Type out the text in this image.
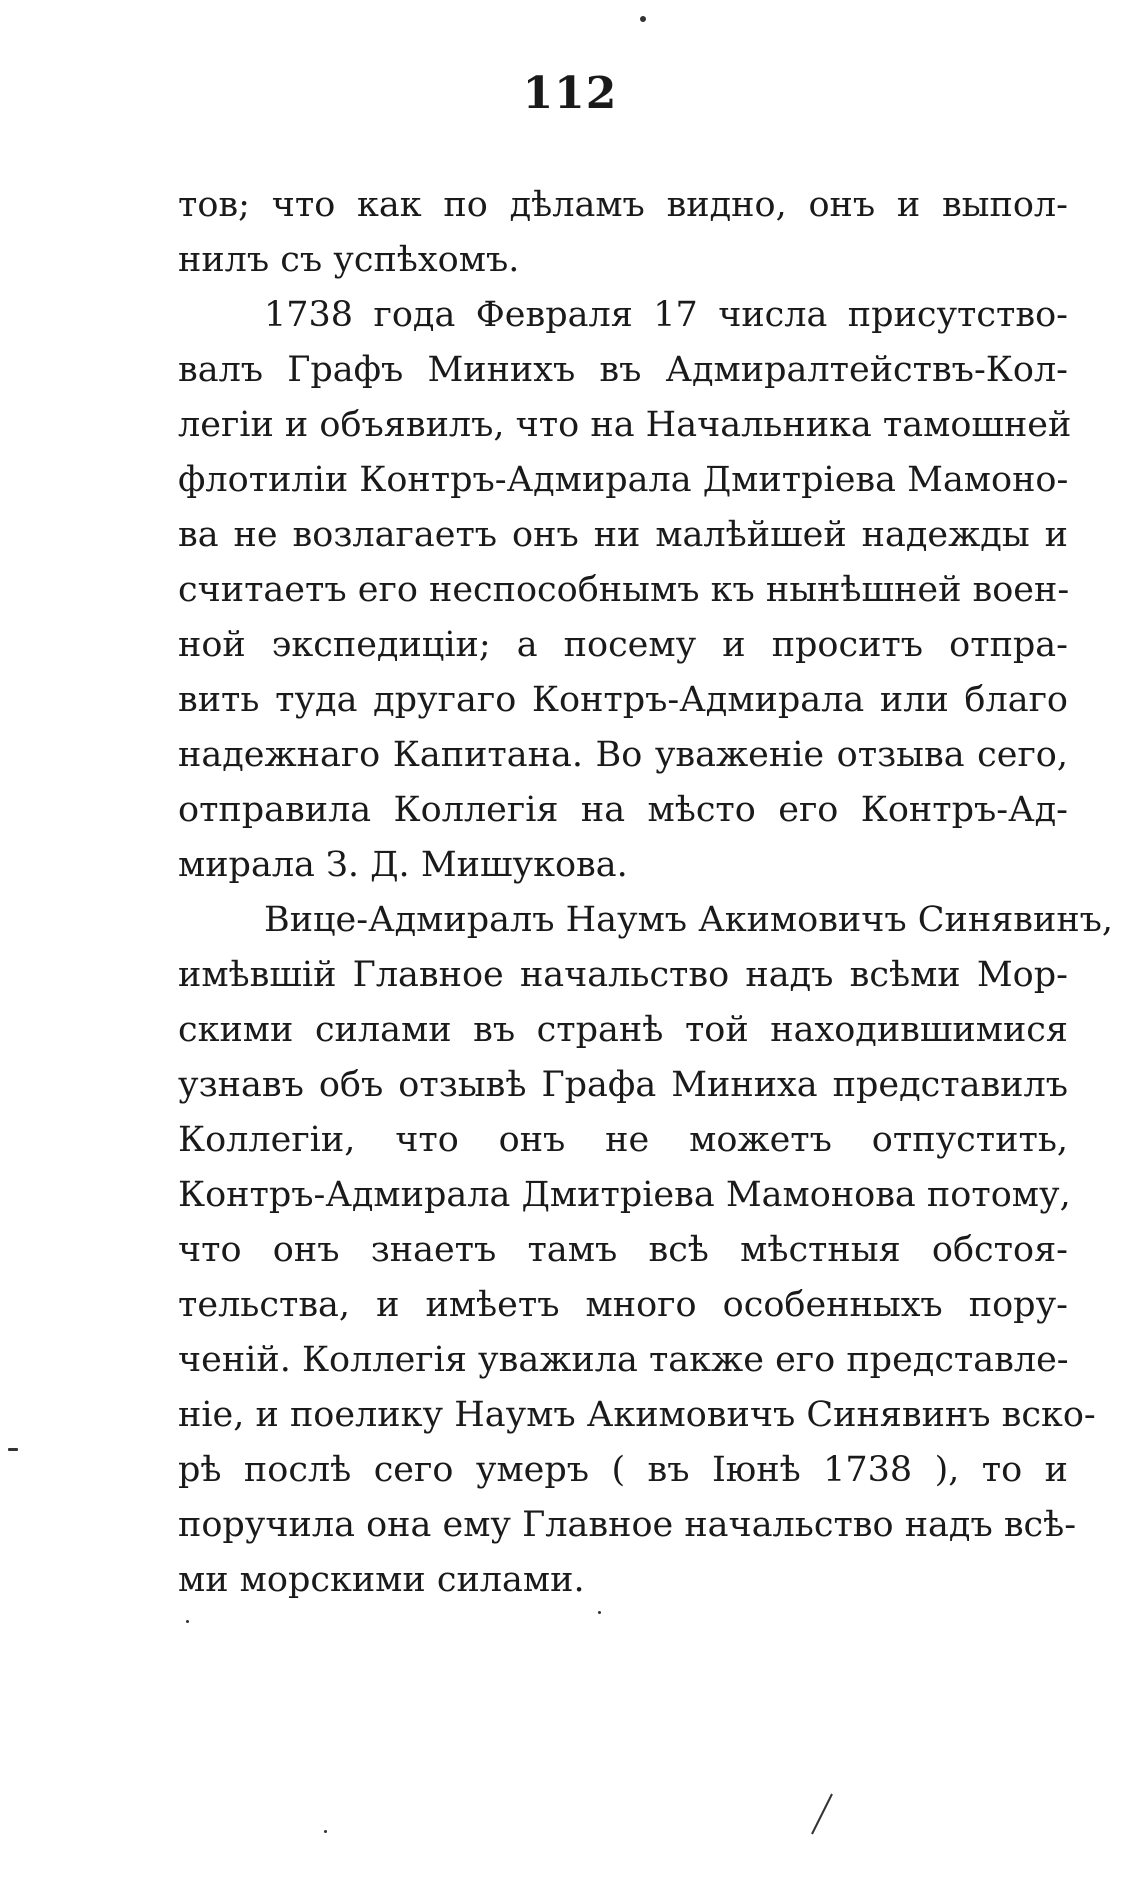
112
тов; что как по дѣламъ видно, онъ и выпол-
нилъ съ успѣхомъ.
1738 года Февраля 17 числа присутство-
валъ Графъ Минихъ въ Адмиралтействъ-Кол-
легіи и объявилъ, что на Начальника тамошней
флотиліи Контръ-Адмирала Дмитріева Мамоно-
ва не возлагаетъ онъ ни малѣйшей надежды и
считаетъ его неспособнымъ къ нынѣшней воен-
ной экспедиціи; а посему и проситъ отпра-
вить туда другаго Контръ-Адмирала или благо
надежнаго Капитана. Во уваженіе отзыва сего,
отправила Коллегія на мѣсто его Контръ-Ад-
мирала З. Д. Мишукова.
Вице-Адмиралъ Наумъ Акимовичъ Синявинъ,
имѣвшій Главное начальство надъ всѣми Мор-
скими силами въ странѣ той находившимися
узнавъ объ отзывѣ Графа Миниха представилъ
Коллегіи, что онъ не можетъ отпустить,
Контръ-Адмирала Дмитріева Мамонова потому,
что онъ знаетъ тамъ всѣ мѣстныя обстоя-
тельства, и имѣетъ много особенныхъ пору-
ченій. Коллегія уважила также его представле-
ніе, и поелику Наумъ Акимовичъ Синявинъ вско-
рѣ послѣ сего умеръ ( въ Іюнѣ 1738 ), то и
поручила она ему Главное начальство надъ всѣ-
ми морскими силами.
